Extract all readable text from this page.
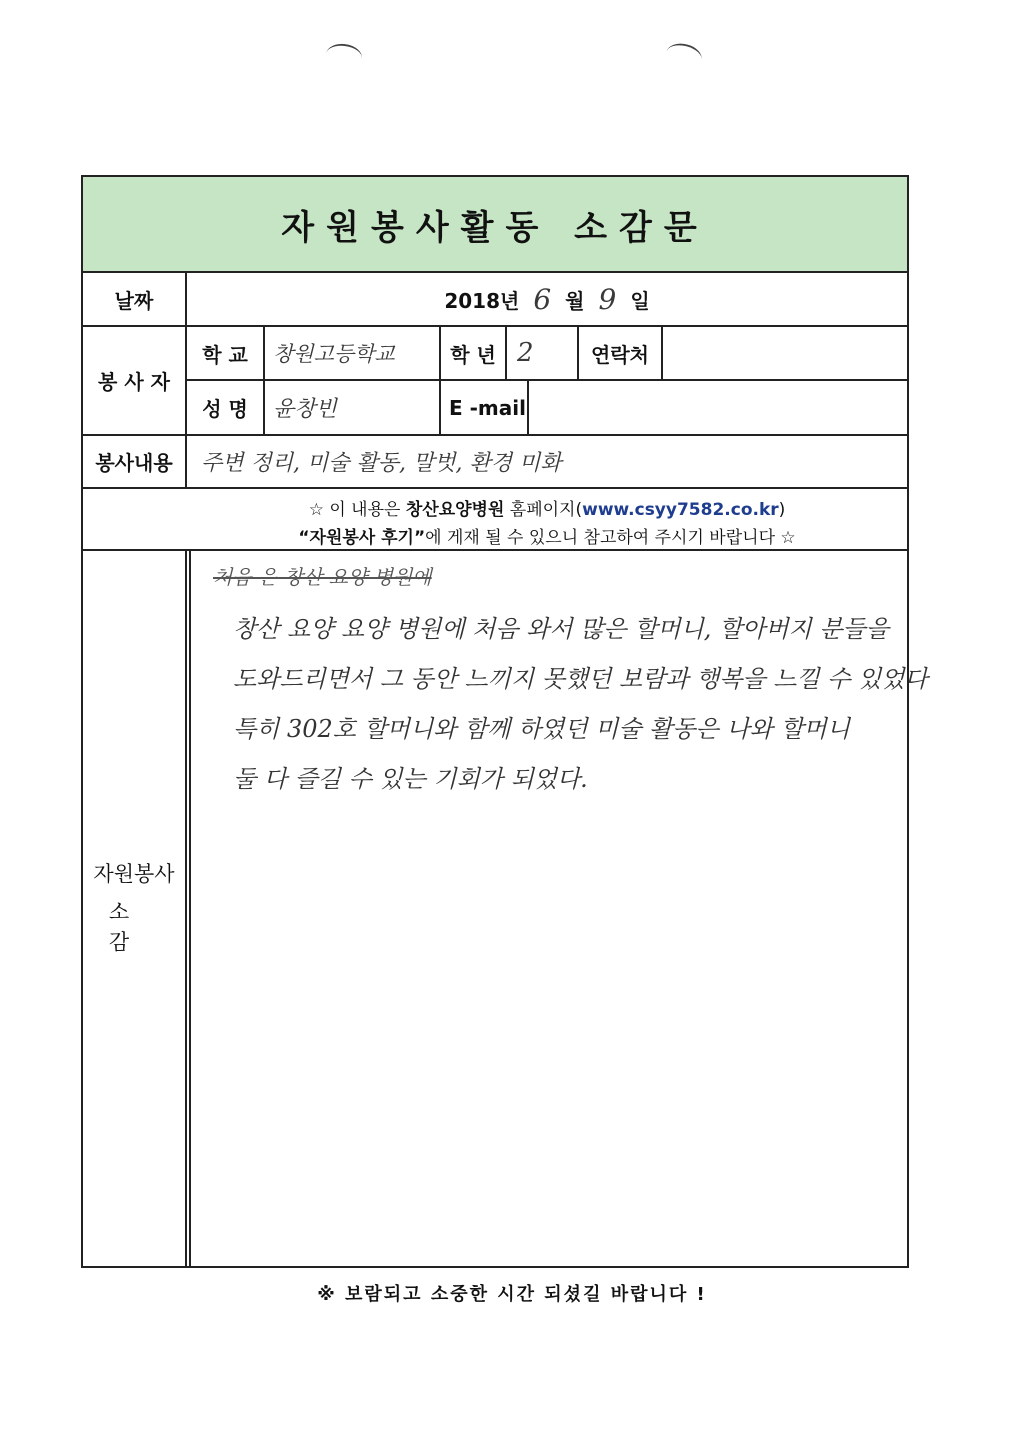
자원봉사활동 소감문
날짜	2018년 6 월 9 일
봉 사 자
학 교	창원고등학교	학 년 2	연락처
성 명	윤창빈	E -mail
봉사내용	주변 정리, 미술 활동, 말벗, 환경 미화
☆ 이 내용은 창산요양병원 홈페이지(www.csyy7582.co.kr)
“자원봉사 후기”에 게재 될 수 있으니 참고하여 주시기 바랍니다 ☆
자원봉사
소 감
처음 은 창산 요양 병원에
창산 요양 요양 병원에 처음 와서 많은 할머니, 할아버지 분들을
도와드리면서 그 동안 느끼지 못했던 보람과 행복을 느낄 수 있었다
특히 302호 할머니와 함께 하였던 미술 활동은 나와 할머니
둘 다 즐길 수 있는 기회가 되었다.
※ 보람되고 소중한 시간 되셨길 바랍니다 !
